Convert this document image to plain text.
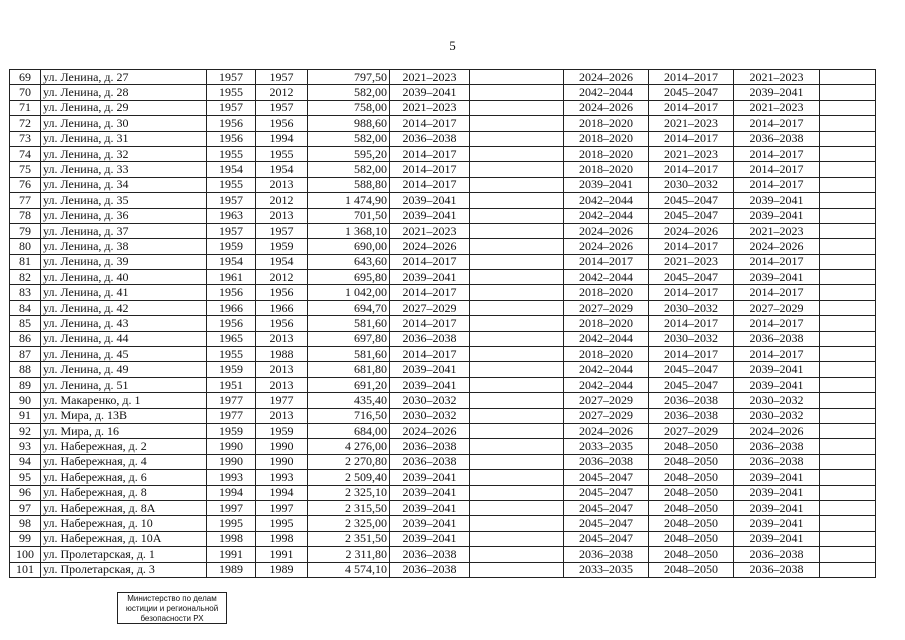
5
69	ул. Ленина, д. 27	1957	1957	797,50	2021–2023		2024–2026	2014–2017	2021–2023	
70	ул. Ленина, д. 28	1955	2012	582,00	2039–2041		2042–2044	2045–2047	2039–2041	
71	ул. Ленина, д. 29	1957	1957	758,00	2021–2023		2024–2026	2014–2017	2021–2023	
72	ул. Ленина, д. 30	1956	1956	988,60	2014–2017		2018–2020	2021–2023	2014–2017	
73	ул. Ленина, д. 31	1956	1994	582,00	2036–2038		2018–2020	2014–2017	2036–2038	
74	ул. Ленина, д. 32	1955	1955	595,20	2014–2017		2018–2020	2021–2023	2014–2017	
75	ул. Ленина, д. 33	1954	1954	582,00	2014–2017		2018–2020	2014–2017	2014–2017	
76	ул. Ленина, д. 34	1955	2013	588,80	2014–2017		2039–2041	2030–2032	2014–2017	
77	ул. Ленина, д. 35	1957	2012	1 474,90	2039–2041		2042–2044	2045–2047	2039–2041	
78	ул. Ленина, д. 36	1963	2013	701,50	2039–2041		2042–2044	2045–2047	2039–2041	
79	ул. Ленина, д. 37	1957	1957	1 368,10	2021–2023		2024–2026	2024–2026	2021–2023	
80	ул. Ленина, д. 38	1959	1959	690,00	2024–2026		2024–2026	2014–2017	2024–2026	
81	ул. Ленина, д. 39	1954	1954	643,60	2014–2017		2014–2017	2021–2023	2014–2017	
82	ул. Ленина, д. 40	1961	2012	695,80	2039–2041		2042–2044	2045–2047	2039–2041	
83	ул. Ленина, д. 41	1956	1956	1 042,00	2014–2017		2018–2020	2014–2017	2014–2017	
84	ул. Ленина, д. 42	1966	1966	694,70	2027–2029		2027–2029	2030–2032	2027–2029	
85	ул. Ленина, д. 43	1956	1956	581,60	2014–2017		2018–2020	2014–2017	2014–2017	
86	ул. Ленина, д. 44	1965	2013	697,80	2036–2038		2042–2044	2030–2032	2036–2038	
87	ул. Ленина, д. 45	1955	1988	581,60	2014–2017		2018–2020	2014–2017	2014–2017	
88	ул. Ленина, д. 49	1959	2013	681,80	2039–2041		2042–2044	2045–2047	2039–2041	
89	ул. Ленина, д. 51	1951	2013	691,20	2039–2041		2042–2044	2045–2047	2039–2041	
90	ул. Макаренко, д. 1	1977	1977	435,40	2030–2032		2027–2029	2036–2038	2030–2032	
91	ул. Мира, д. 13В	1977	2013	716,50	2030–2032		2027–2029	2036–2038	2030–2032	
92	ул. Мира, д. 16	1959	1959	684,00	2024–2026		2024–2026	2027–2029	2024–2026	
93	ул. Набережная, д. 2	1990	1990	4 276,00	2036–2038		2033–2035	2048–2050	2036–2038	
94	ул. Набережная, д. 4	1990	1990	2 270,80	2036–2038		2036–2038	2048–2050	2036–2038	
95	ул. Набережная, д. 6	1993	1993	2 509,40	2039–2041		2045–2047	2048–2050	2039–2041	
96	ул. Набережная, д. 8	1994	1994	2 325,10	2039–2041		2045–2047	2048–2050	2039–2041	
97	ул. Набережная, д. 8А	1997	1997	2 315,50	2039–2041		2045–2047	2048–2050	2039–2041	
98	ул. Набережная, д. 10	1995	1995	2 325,00	2039–2041		2045–2047	2048–2050	2039–2041	
99	ул. Набережная, д. 10А	1998	1998	2 351,50	2039–2041		2045–2047	2048–2050	2039–2041	
100	ул. Пролетарская, д. 1	1991	1991	2 311,80	2036–2038		2036–2038	2048–2050	2036–2038	
101	ул. Пролетарская, д. 3	1989	1989	4 574,10	2036–2038		2033–2035	2048–2050	2036–2038	
Министерство по делам
юстиции и региональной
безопасности РХ
